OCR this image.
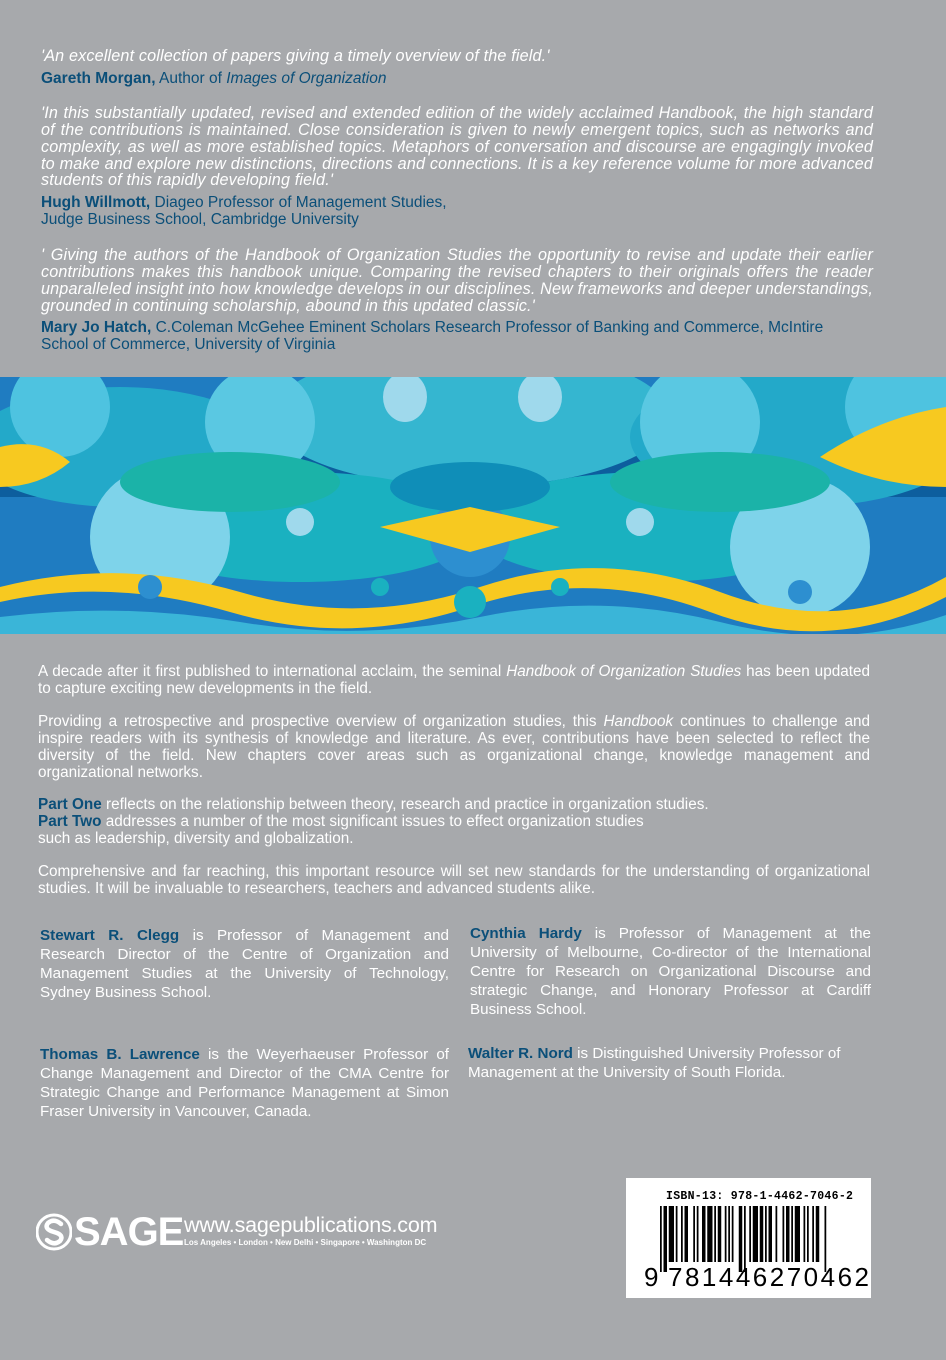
'An excellent collection of papers giving a timely overview of the field.'

Gareth Morgan, Author of Images of Organization

'In this substantially updated, revised and extended edition of the widely acclaimed Handbook, the high standard of the contributions is maintained. Close consideration is given to newly emergent topics, such as networks and complexity, as well as more established topics. Metaphors of conversation and discourse are engagingly invoked to make and explore new distinctions, directions and connections. It is a key reference volume for more advanced students of this rapidly developing field.'

Hugh Willmott, Diageo Professor of Management Studies,
Judge Business School, Cambridge University

' Giving the authors of the Handbook of Organization Studies the opportunity to revise and update their earlier contributions makes this handbook unique. Comparing the revised chapters to their originals offers the reader unparalleled insight into how knowledge develops in our disciplines. New frameworks and deeper understandings, grounded in continuing scholarship, abound in this updated classic.'

Mary Jo Hatch, C.Coleman McGehee Eminent Scholars Research Professor of Banking and Commerce, McIntire School of Commerce, University of Virginia

A decade after it first published to international acclaim, the seminal Handbook of Organization Studies has been updated to capture exciting new developments in the field.

Providing a retrospective and prospective overview of organization studies, this Handbook continues to challenge and inspire readers with its synthesis of knowledge and literature. As ever, contributions have been selected to reflect the diversity of the field. New chapters cover areas such as organizational change, knowledge management and organizational networks.

Part One reflects on the relationship between theory, research and practice in organization studies.

Part Two addresses a number of the most significant issues to effect organization studies
such as leadership, diversity and globalization.

Comprehensive and far reaching, this important resource will set new standards for the understanding of organizational studies. It will be invaluable to researchers, teachers and advanced students alike.

Stewart R. Clegg is Professor of Management and Research Director of the Centre of Organization and Management Studies at the University of Technology, Sydney Business School.

Cynthia Hardy is Professor of Management at the University of Melbourne, Co-director of the International Centre for Research on Organizational Discourse and strategic Change, and Honorary Professor at Cardiff Business School.

Thomas B. Lawrence is the Weyerhaeuser Professor of Change Management and Director of the CMA Centre for Strategic Change and Performance Management at Simon Fraser University in Vancouver, Canada.

Walter R. Nord is Distinguished University Professor of Management at the University of South Florida.

SAGE www.sagepublications.com
Los Angeles • London • New Delhi • Singapore • Washington DC
ISBN-13: 978-1-4462-7046-2
9 781446270462
